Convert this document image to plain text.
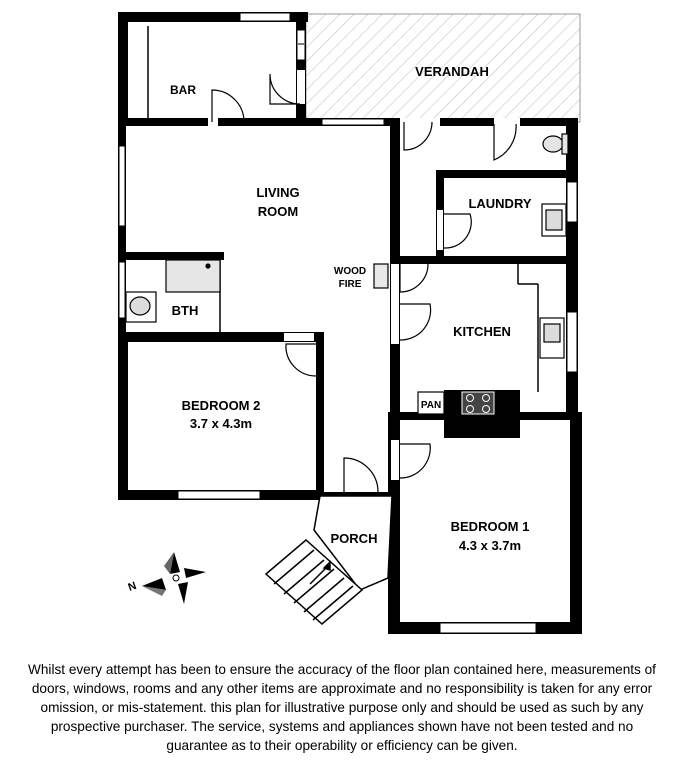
N
BAR
VERANDAH
LIVING
ROOM
WOOD
FIRE
LAUNDRY
BTH
KITCHEN
PAN
BEDROOM 2
3.7 x 4.3m
BEDROOM 1
4.3 x 3.7m
PORCH
Whilst every attempt has been to ensure the accuracy of the floor plan contained here, measurements of doors, windows, rooms and any other items are approximate and no responsibility is taken for any error omission, or mis-statement. this plan for illustrative purpose only and should be used as such by any prospective purchaser. The service, systems and appliances shown have not been tested and no guarantee as to their operability or efficiency can be given.
